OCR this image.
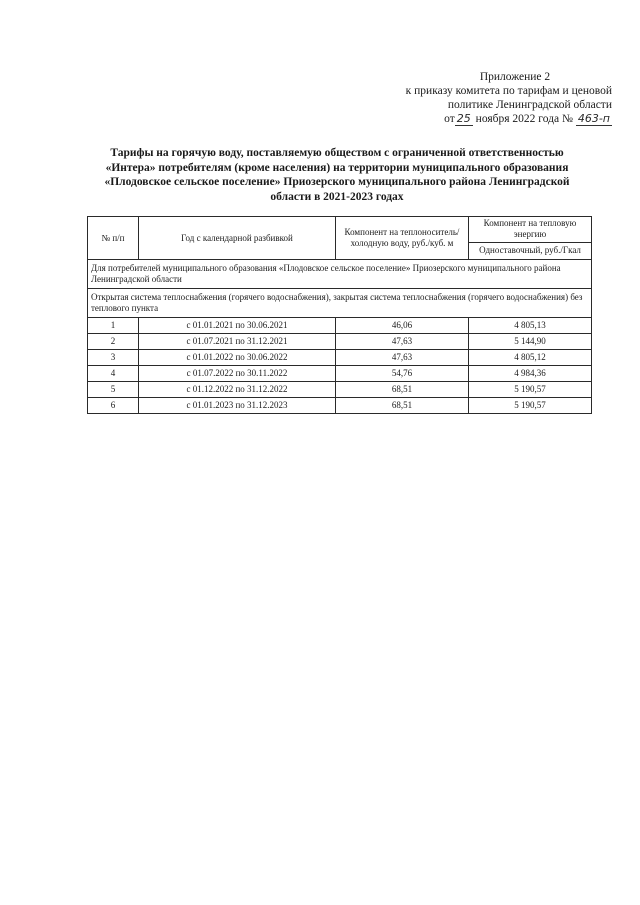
Приложение 2
к приказу комитета по тарифам и ценовой
политике Ленинградской области
от 25 ноября 2022 года № 463-п
Тарифы на горячую воду, поставляемую обществом с ограниченной ответственностью
«Интера» потребителям (кроме населения) на территории муниципального образования
«Плодовское сельское поселение» Приозерского муниципального района Ленинградской
области в 2021-2023 годах
№ п/п	Год с календарной разбивкой	Компонент на теплоноситель/ холодную воду, руб./куб. м	Компонент на тепловую энергию
			Одноставочный, руб./Гкал
Для потребителей муниципального образования «Плодовское сельское поселение» Приозерского муниципального района Ленинградской области			
Открытая система теплоснабжения (горячего водоснабжения), закрытая система теплоснабжения (горячего водоснабжения) без теплового пункта			
1	с 01.01.2021 по 30.06.2021	46,06	4 805,13
2	с 01.07.2021 по 31.12.2021	47,63	5 144,90
3	с 01.01.2022 по 30.06.2022	47,63	4 805,12
4	с 01.07.2022 по 30.11.2022	54,76	4 984,36
5	с 01.12.2022 по 31.12.2022	68,51	5 190,57
6	с 01.01.2023 по 31.12.2023	68,51	5 190,57
